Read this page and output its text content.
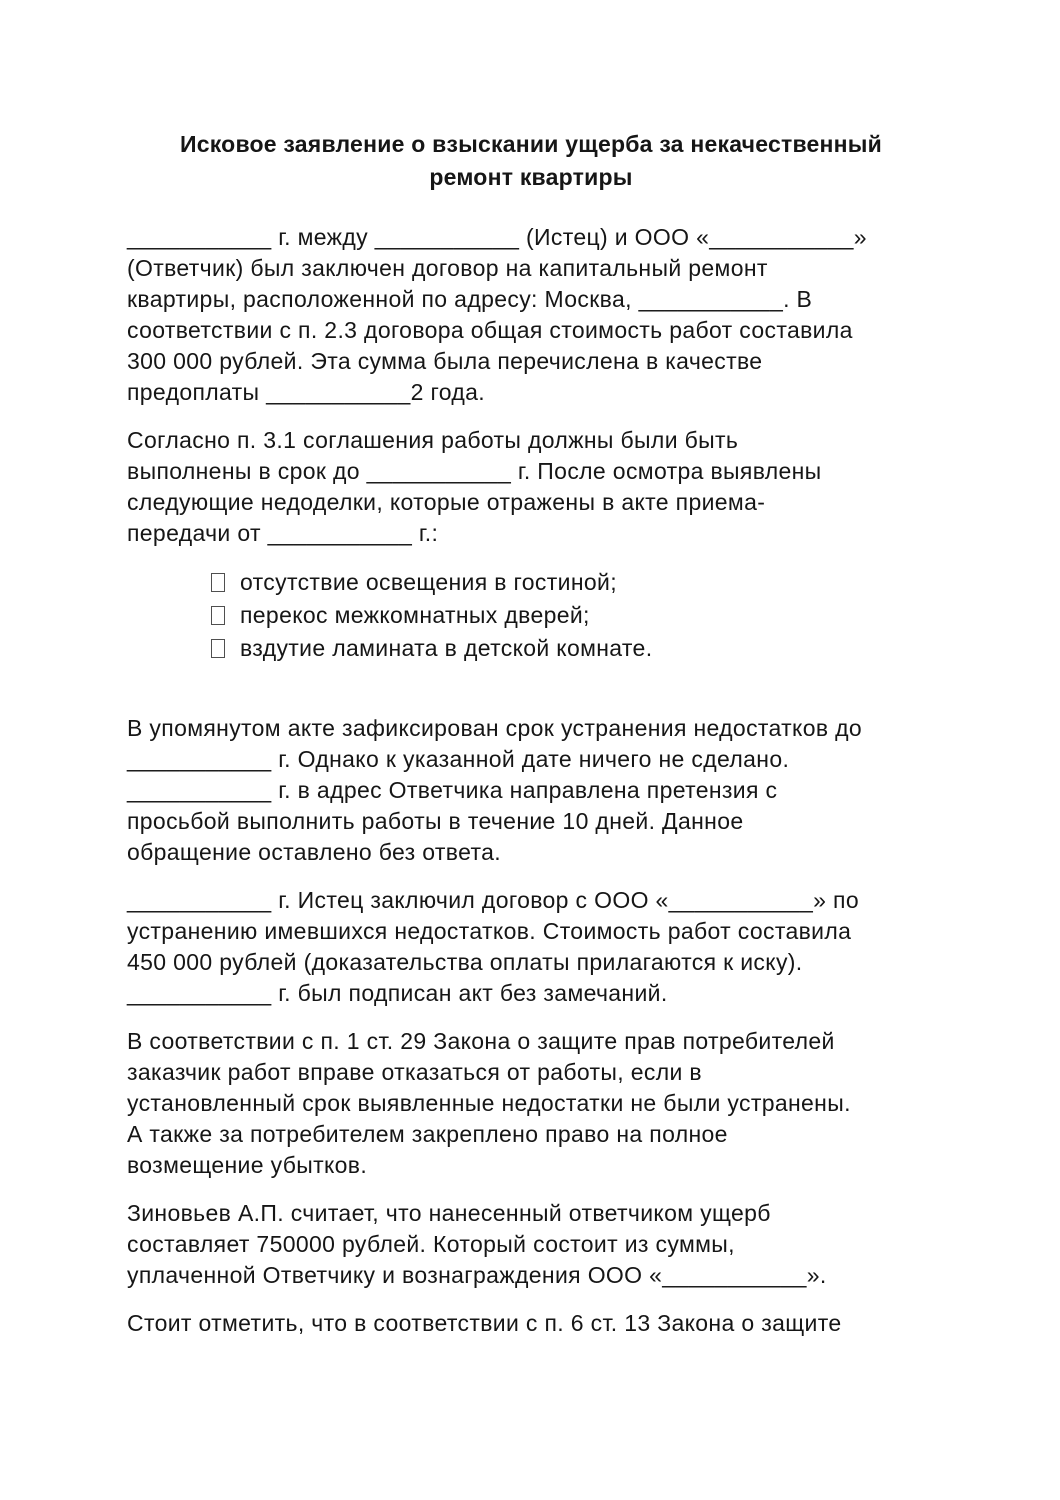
Исковое заявление о взыскании ущерба за некачественный ремонт квартиры

___________ г. между ___________ (Истец) и ООО «___________»
(Ответчик) был заключен договор на капитальный ремонт
квартиры, расположенной по адресу: Москва, ___________. В
соответствии с п. 2.3 договора общая стоимость работ составила
300 000 рублей. Эта сумма была перечислена в качестве
предоплаты ___________2 года.

Согласно п. 3.1 соглашения работы должны были быть
выполнены в срок до ___________ г. После осмотра выявлены
следующие недоделки, которые отражены в акте приема-
передачи от ___________ г.:

отсутствие освещения в гостиной;
перекос межкомнатных дверей;
вздутие ламината в детской комнате.

В упомянутом акте зафиксирован срок устранения недостатков до
___________ г. Однако к указанной дате ничего не сделано.
___________ г. в адрес Ответчика направлена претензия с
просьбой выполнить работы в течение 10 дней. Данное
обращение оставлено без ответа.

___________ г. Истец заключил договор с ООО «___________» по
устранению имевшихся недостатков. Стоимость работ составила
450 000 рублей (доказательства оплаты прилагаются к иску).
___________ г. был подписан акт без замечаний.

В соответствии с п. 1 ст. 29 Закона о защите прав потребителей
заказчик работ вправе отказаться от работы, если в
установленный срок выявленные недостатки не были устранены.
А также за потребителем закреплено право на полное
возмещение убытков.

Зиновьев А.П. считает, что нанесенный ответчиком ущерб
составляет 750000 рублей. Который состоит из суммы,
уплаченной Ответчику и вознаграждения ООО «___________».

Стоит отметить, что в соответствии с п. 6 ст. 13 Закона о защите
